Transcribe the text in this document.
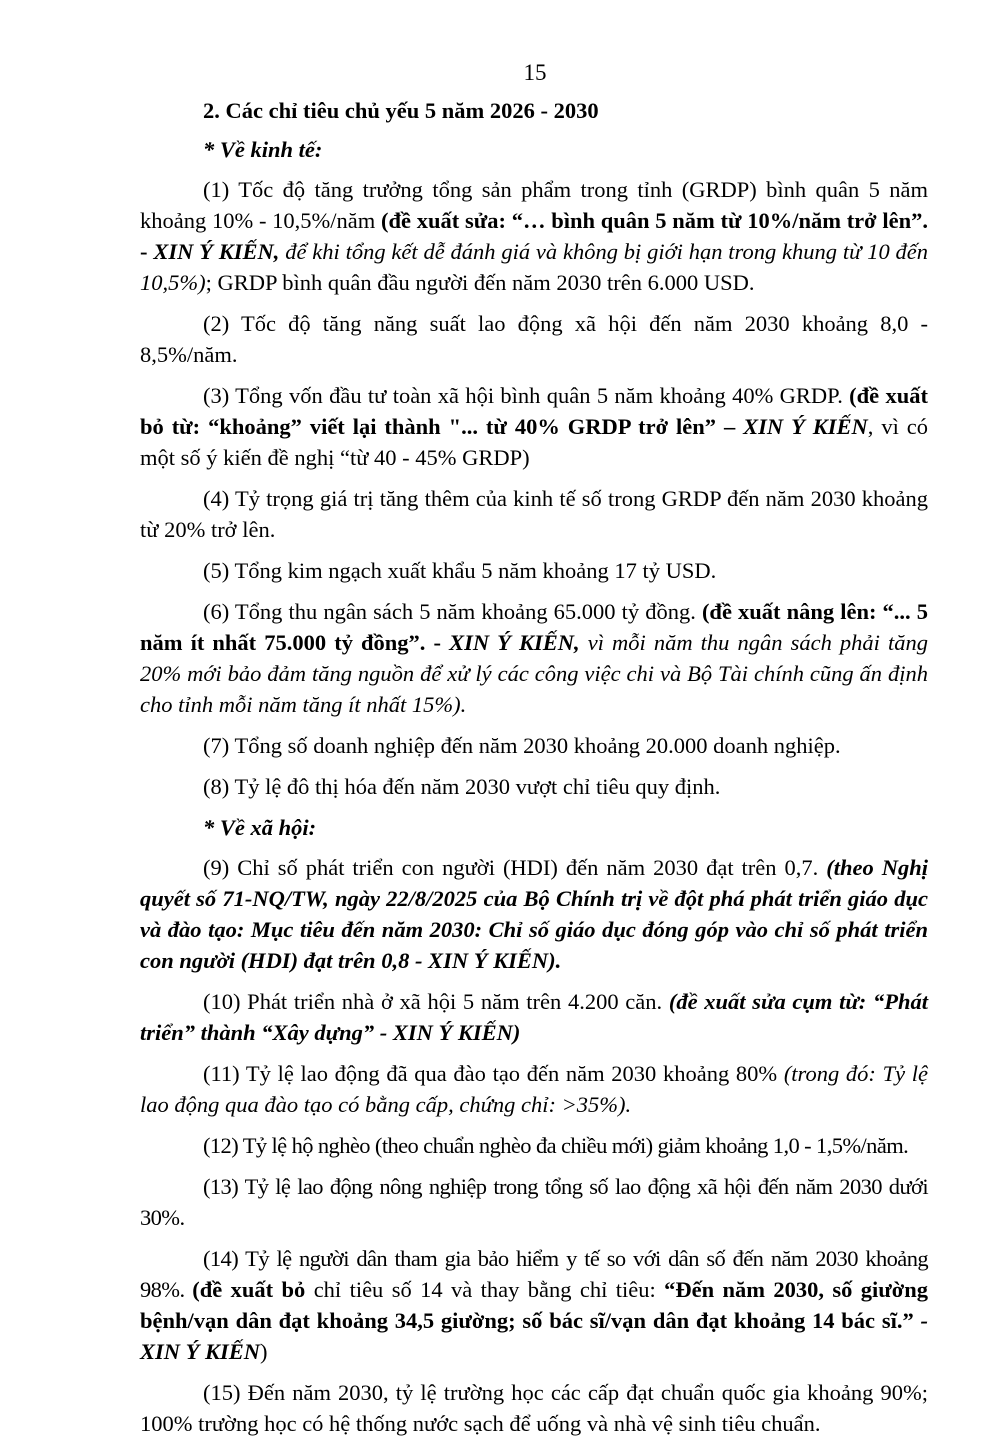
15

2. Các chỉ tiêu chủ yếu 5 năm 2026 - 2030

* Về kinh tế:

(1) Tốc độ tăng trưởng tổng sản phẩm trong tỉnh (GRDP) bình quân 5 năm khoảng 10% - 10,5%/năm (đề xuất sửa: “… bình quân 5 năm từ 10%/năm trở lên”. - XIN Ý KIẾN, để khi tổng kết dễ đánh giá và không bị giới hạn trong khung từ 10 đến 10,5%); GRDP bình quân đầu người đến năm 2030 trên 6.000 USD.

(2) Tốc độ tăng năng suất lao động xã hội đến năm 2030 khoảng 8,0 - 8,5%/năm.

(3) Tổng vốn đầu tư toàn xã hội bình quân 5 năm khoảng 40% GRDP. (đề xuất bỏ từ: “khoảng” viết lại thành "... từ 40% GRDP trở lên” – XIN Ý KIẾN, vì có một số ý kiến đề nghị “từ 40 - 45% GRDP)

(4) Tỷ trọng giá trị tăng thêm của kinh tế số trong GRDP đến năm 2030 khoảng từ 20% trở lên.

(5) Tổng kim ngạch xuất khẩu 5 năm khoảng 17 tỷ USD.

(6) Tổng thu ngân sách 5 năm khoảng 65.000 tỷ đồng. (đề xuất nâng lên: “... 5 năm ít nhất 75.000 tỷ đồng”. - XIN Ý KIẾN, vì mỗi năm thu ngân sách phải tăng 20% mới bảo đảm tăng nguồn để xử lý các công việc chi và Bộ Tài chính cũng ấn định cho tỉnh mỗi năm tăng ít nhất 15%).

(7) Tổng số doanh nghiệp đến năm 2030 khoảng 20.000 doanh nghiệp.

(8) Tỷ lệ đô thị hóa đến năm 2030 vượt chỉ tiêu quy định.

* Về xã hội:

(9) Chỉ số phát triển con người (HDI) đến năm 2030 đạt trên 0,7. (theo Nghị quyết số 71-NQ/TW, ngày 22/8/2025 của Bộ Chính trị về đột phá phát triển giáo dục và đào tạo: Mục tiêu đến năm 2030: Chỉ số giáo dục đóng góp vào chỉ số phát triển con người (HDI) đạt trên 0,8 - XIN Ý KIẾN).

(10) Phát triển nhà ở xã hội 5 năm trên 4.200 căn. (đề xuất sửa cụm từ: “Phát triển” thành “Xây dựng” - XIN Ý KIẾN)

(11) Tỷ lệ lao động đã qua đào tạo đến năm 2030 khoảng 80% (trong đó: Tỷ lệ lao động qua đào tạo có bằng cấp, chứng chỉ: >35%).

(12) Tỷ lệ hộ nghèo (theo chuẩn nghèo đa chiều mới) giảm khoảng 1,0 - 1,5%/năm.

(13) Tỷ lệ lao động nông nghiệp trong tổng số lao động xã hội đến năm 2030 dưới 30%.

(14) Tỷ lệ người dân tham gia bảo hiểm y tế so với dân số đến năm 2030 khoảng 98%. (đề xuất bỏ chỉ tiêu số 14 và thay bằng chỉ tiêu: “Đến năm 2030, số giường bệnh/vạn dân đạt khoảng 34,5 giường; số bác sĩ/vạn dân đạt khoảng 14 bác sĩ.” - XIN Ý KIẾN)

(15) Đến năm 2030, tỷ lệ trường học các cấp đạt chuẩn quốc gia khoảng 90%; 100% trường học có hệ thống nước sạch để uống và nhà vệ sinh tiêu chuẩn.
